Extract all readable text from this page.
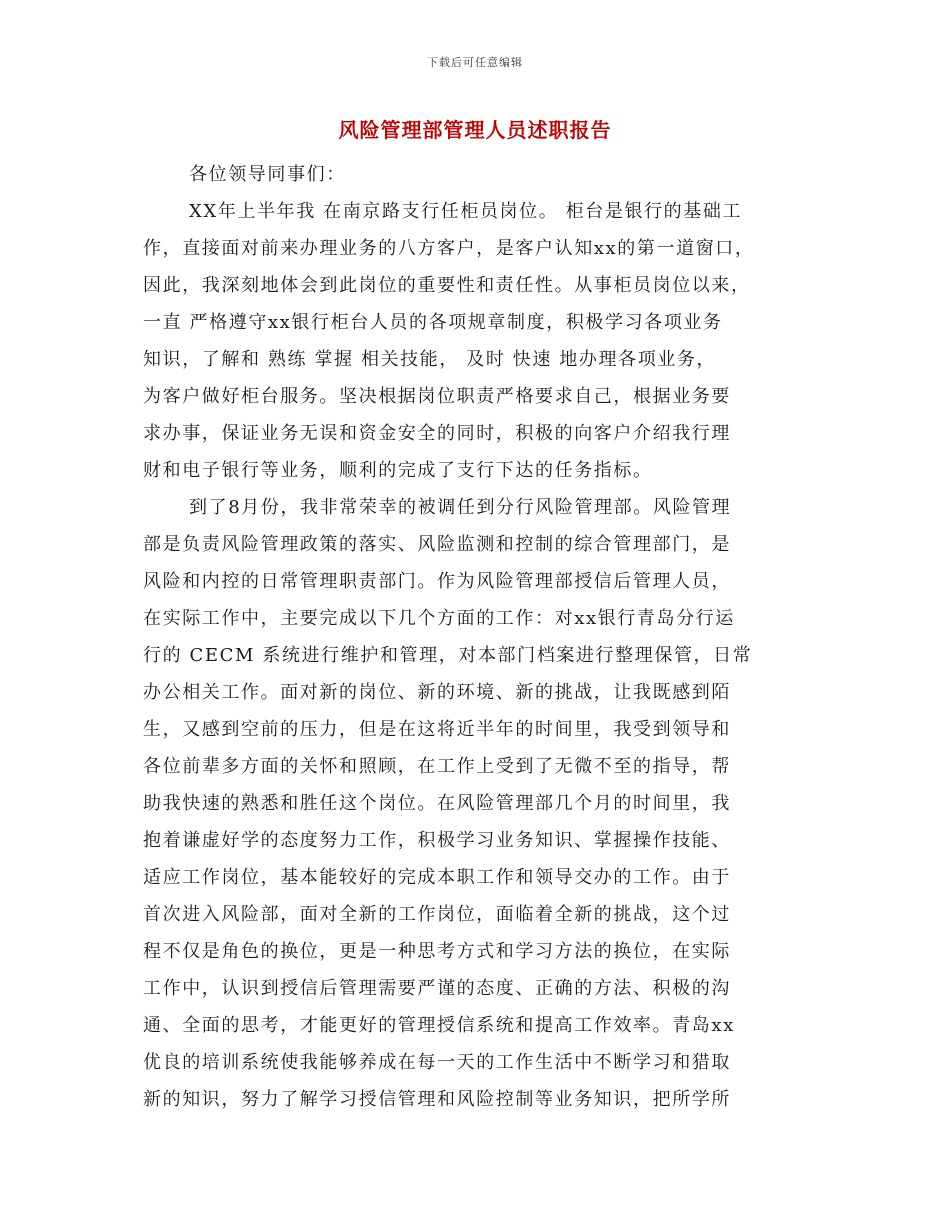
下载后可任意编辑
风险管理部管理人员述职报告
各位领导同事们：
XX年上半年我 在南京路支行任柜员岗位。 柜台是银行的基础工
作，直接面对前来办理业务的八方客户，是客户认知xx的第一道窗口，
因此，我深刻地体会到此岗位的重要性和责任性。从事柜员岗位以来，
一直 严格遵守xx银行柜台人员的各项规章制度，积极学习各项业务
知识，了解和 熟练 掌握 相关技能， 及时 快速 地办理各项业务，
为客户做好柜台服务。坚决根据岗位职责严格要求自己，根据业务要
求办事，保证业务无误和资金安全的同时，积极的向客户介绍我行理
财和电子银行等业务，顺利的完成了支行下达的任务指标。
到了8月份，我非常荣幸的被调任到分行风险管理部。风险管理
部是负责风险管理政策的落实、风险监测和控制的综合管理部门，是
风险和内控的日常管理职责部门。作为风险管理部授信后管理人员，
在实际工作中，主要完成以下几个方面的工作：对xx银行青岛分行运
行的 CECM 系统进行维护和管理，对本部门档案进行整理保管，日常
办公相关工作。面对新的岗位、新的环境、新的挑战，让我既感到陌
生，又感到空前的压力，但是在这将近半年的时间里，我受到领导和
各位前辈多方面的关怀和照顾，在工作上受到了无微不至的指导，帮
助我快速的熟悉和胜任这个岗位。在风险管理部几个月的时间里，我
抱着谦虚好学的态度努力工作，积极学习业务知识、掌握操作技能、
适应工作岗位，基本能较好的完成本职工作和领导交办的工作。由于
首次进入风险部，面对全新的工作岗位，面临着全新的挑战，这个过
程不仅是角色的换位，更是一种思考方式和学习方法的换位，在实际
工作中，认识到授信后管理需要严谨的态度、正确的方法、积极的沟
通、全面的思考，才能更好的管理授信系统和提高工作效率。青岛xx
优良的培训系统使我能够养成在每一天的工作生活中不断学习和猎取
新的知识，努力了解学习授信管理和风险控制等业务知识，把所学所
